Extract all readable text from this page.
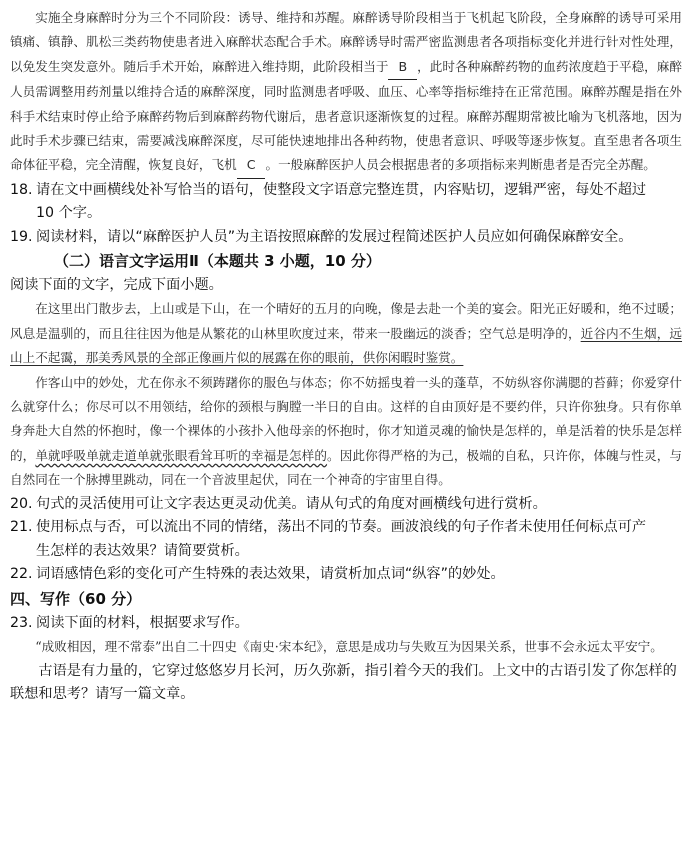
实施全身麻醉时分为三个不同阶段：诱导、维持和苏醒。麻醉诱导阶段相当于飞机起飞阶段，全身麻醉的诱导可采用镇痛、镇静、肌松三类药物使患者进入麻醉状态配合手术。麻醉诱导时需严密监测患者各项指标变化并进行针对性处理，以免发生突发意外。随后手术开始，麻醉进入维持期，此阶段相当于 B ，此时各种麻醉药物的血药浓度趋于平稳，麻醉人员需调整用药剂量以维持合适的麻醉深度，同时监测患者呼吸、血压、心率等指标维持在正常范围。麻醉苏醒是指在外科手术结束时停止给予麻醉药物后到麻醉药物代谢后，患者意识逐渐恢复的过程。麻醉苏醒期常被比喻为飞机落地，因为此时手术步骤已结束，需要减浅麻醉深度，尽可能快速地排出各种药物，使患者意识、呼吸等逐步恢复。直至患者各项生命体征平稳，完全清醒，恢复良好，飞机 C 。一般麻醉医护人员会根据患者的多项指标来判断患者是否完全苏醒。

18. 请在文中画横线处补写恰当的语句，使整段文字语意完整连贯，内容贴切，逻辑严密，每处不超过

10 个字。

19. 阅读材料，请以“麻醉医护人员”为主语按照麻醉的发展过程简述医护人员应如何确保麻醉安全。

（二）语言文字运用Ⅱ（本题共 3 小题，10 分）

阅读下面的文字，完成下面小题。

在这里出门散步去，上山或是下山，在一个晴好的五月的向晚，像是去赴一个美的宴会。阳光正好暖和，绝不过暖；风息是温驯的，而且往往因为他是从繁花的山林里吹度过来，带来一股幽远的淡香；空气总是明净的，近谷内不生烟，远山上不起霭，那美秀风景的全部正像画片似的展露在你的眼前，供你闲暇时鉴赏。

作客山中的妙处，尤在你永不须踌躇你的服色与体态；你不妨摇曳着一头的蓬草，不妨纵容你满腮的苔藓；你爱穿什么就穿什么；你尽可以不用领结，给你的颈根与胸膛一半日的自由。这样的自由顶好是不要约伴，只许你独身。只有你单身奔赴大自然的怀抱时，像一个裸体的小孩扑入他母亲的怀抱时，你才知道灵魂的愉快是怎样的，单是活着的快乐是怎样的，单就呼吸单就走道单就张眼看耸耳听的幸福是怎样的。因此你得严格的为己，极端的自私，只许你，体魄与性灵，与自然同在一个脉搏里跳动，同在一个音波里起伏，同在一个神奇的宇宙里自得。

20. 句式的灵活使用可让文字表达更灵动优美。请从句式的角度对画横线句进行赏析。

21. 使用标点与否，可以流出不同的情绪，荡出不同的节奏。画波浪线的句子作者未使用任何标点可产

生怎样的表达效果？请简要赏析。

22. 词语感情色彩的变化可产生特殊的表达效果，请赏析加点词“纵容”的妙处。

四、写作（60 分）

23. 阅读下面的材料，根据要求写作。

“成败相因，理不常泰”出自二十四史《南史·宋本纪》，意思是成功与失败互为因果关系，世事不会永远太平安宁。

古语是有力量的，它穿过悠悠岁月长河，历久弥新，指引着今天的我们。上文中的古语引发了你怎样的联想和思考？请写一篇文章。
